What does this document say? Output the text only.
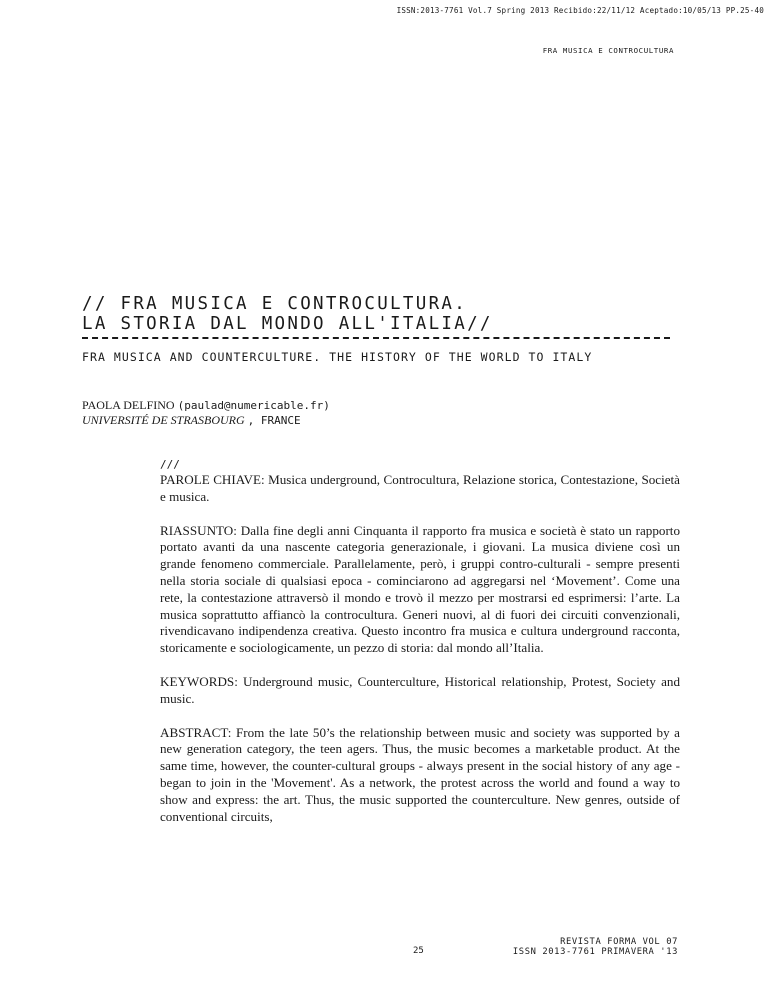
ISSN:2013-7761 Vol.7 Spring 2013 Recibido:22/11/12 Aceptado:10/05/13 PP.25-40
FRA MUSICA E CONTROCULTURA
// FRA MUSICA E CONTROCULTURA.
LA STORIA DAL MONDO ALL'ITALIA//
FRA MUSICA AND COUNTERCULTURE. THE HISTORY OF THE WORLD TO ITALY
PAOLA DELFINO (paulad@numericable.fr)
UNIVERSITÉ DE STRASBOURG , FRANCE
///

PAROLE CHIAVE: Musica underground, Controcultura, Relazione storica, Contestazione, Società e musica.

RIASSUNTO: Dalla fine degli anni Cinquanta il rapporto fra musica e società è stato un rapporto portato avanti da una nascente categoria generazionale, i giovani. La musica diviene così un grande fenomeno commerciale. Parallelamente, però, i gruppi contro-culturali - sempre presenti nella storia sociale di qualsiasi epoca - cominciarono ad aggregarsi nel ‘Movement’. Come una rete, la contestazione attraversò il mondo e trovò il mezzo per mostrarsi ed esprimersi: l’arte. La musica soprattutto affiancò la controcultura. Generi nuovi, al di fuori dei circuiti convenzionali, rivendicavano indipendenza creativa. Questo incontro fra musica e cultura underground racconta, storicamente e sociologicamente, un pezzo di storia: dal mondo all’Italia.

KEYWORDS: Underground music, Counterculture, Historical relationship, Protest, Society and music.

ABSTRACT: From the late 50’s the relationship between music and society was supported by a new generation category, the teen agers. Thus, the music becomes a marketable product. At the same time, however, the counter-cultural groups - always present in the social history of any age - began to join in the 'Movement'. As a network, the protest across the world and found a way to show and express: the art. Thus, the music supported the counterculture. New genres, outside of conventional circuits,

25
REVISTA FORMA VOL 07
ISSN 2013-7761 PRIMAVERA '13
